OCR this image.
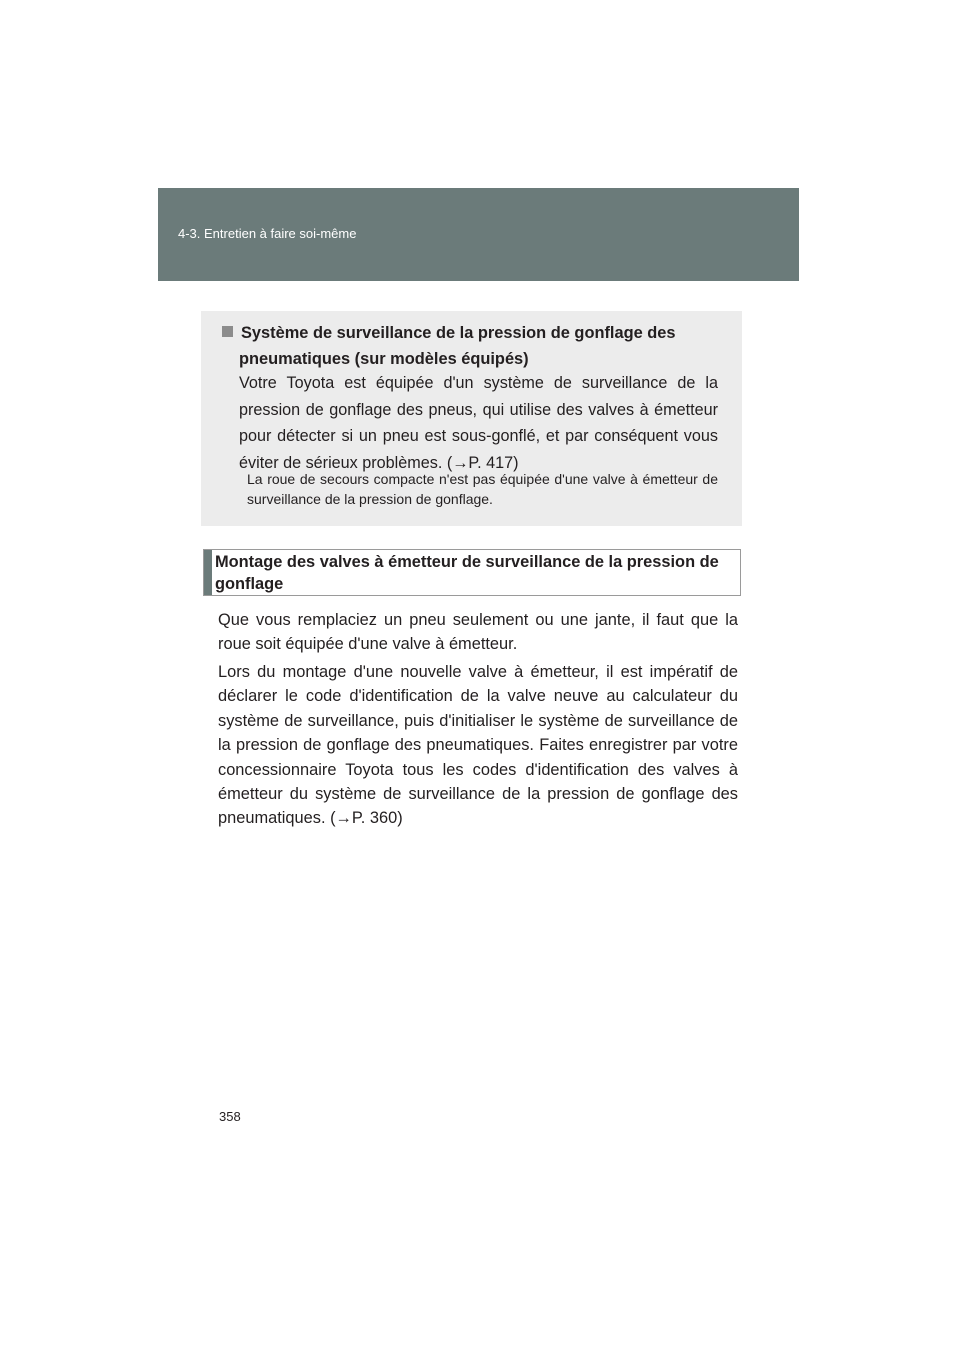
4-3. Entretien à faire soi-même
Système de surveillance de la pression de gonflage des
pneumatiques (sur modèles équipés)
Votre Toyota est équipée d'un système de surveillance de la pression de gonflage des pneus, qui utilise des valves à émetteur pour détecter si un pneu est sous-gonflé, et par conséquent vous éviter de sérieux problèmes. (→P. 417)
La roue de secours compacte n'est pas équipée d'une valve à émetteur de surveillance de la pression de gonflage.
Montage des valves à émetteur de surveillance de la pression de gonflage
Que vous remplaciez un pneu seulement ou une jante, il faut que la roue soit équipée d'une valve à émetteur.
Lors du montage d'une nouvelle valve à émetteur, il est impératif de déclarer le code d'identification de la valve neuve au calculateur du système de surveillance, puis d'initialiser le système de surveillance de la pression de gonflage des pneumatiques. Faites enregistrer par votre concessionnaire Toyota tous les codes d'identification des valves à émetteur du système de surveillance de la pression de gonflage des pneumatiques. (→P. 360)
358
